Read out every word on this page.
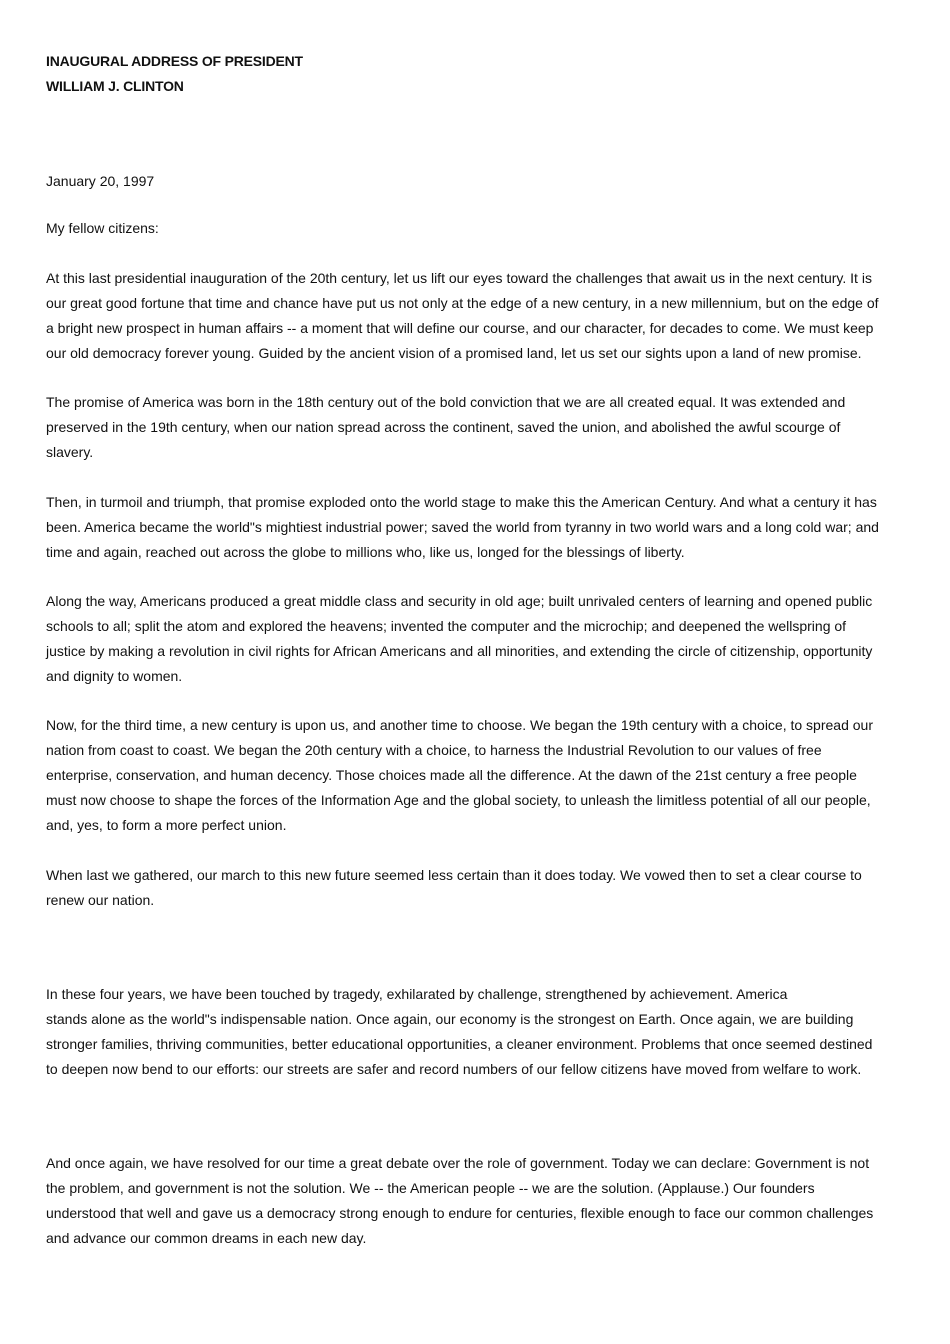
INAUGURAL ADDRESS OF PRESIDENT
WILLIAM J. CLINTON

January 20, 1997

My fellow citizens:

At this last presidential inauguration of the 20th century, let us lift our eyes toward the challenges that await us in the next century. It is
our great good fortune that time and chance have put us not only at the edge of a new century, in a new millennium, but on the edge of
a bright new prospect in human affairs -- a moment that will define our course, and our character, for decades to come. We must keep
our old democracy forever young. Guided by the ancient vision of a promised land, let us set our sights upon a land of new promise.

The promise of America was born in the 18th century out of the bold conviction that we are all created equal. It was extended and
preserved in the 19th century, when our nation spread across the continent, saved the union, and abolished the awful scourge of
slavery.

Then, in turmoil and triumph, that promise exploded onto the world stage to make this the American Century. And what a century it has
been. America became the world"s mightiest industrial power; saved the world from tyranny in two world wars and a long cold war; and
time and again, reached out across the globe to millions who, like us, longed for the blessings of liberty.

Along the way, Americans produced a great middle class and security in old age; built unrivaled centers of learning and opened public
schools to all; split the atom and explored the heavens; invented the computer and the microchip; and deepened the wellspring of
justice by making a revolution in civil rights for African Americans and all minorities, and extending the circle of citizenship, opportunity
and dignity to women.

Now, for the third time, a new century is upon us, and another time to choose. We began the 19th century with a choice, to spread our
nation from coast to coast. We began the 20th century with a choice, to harness the Industrial Revolution to our values of free
enterprise, conservation, and human decency. Those choices made all the difference. At the dawn of the 21st century a free people
must now choose to shape the forces of the Information Age and the global society, to unleash the limitless potential of all our people,
and, yes, to form a more perfect union.

When last we gathered, our march to this new future seemed less certain than it does today. We vowed then to set a clear course to
renew our nation.

In these four years, we have been touched by tragedy, exhilarated by challenge, strengthened by achievement. America
stands alone as the world"s indispensable nation. Once again, our economy is the strongest on Earth. Once again, we are building
stronger families, thriving communities, better educational opportunities, a cleaner environment. Problems that once seemed destined
to deepen now bend to our efforts: our streets are safer and record numbers of our fellow citizens have moved from welfare to work.

And once again, we have resolved for our time a great debate over the role of government. Today we can declare: Government is not
the problem, and government is not the solution. We -- the American people -- we are the solution. (Applause.) Our founders
understood that well and gave us a democracy strong enough to endure for centuries, flexible enough to face our common challenges
and advance our common dreams in each new day.
